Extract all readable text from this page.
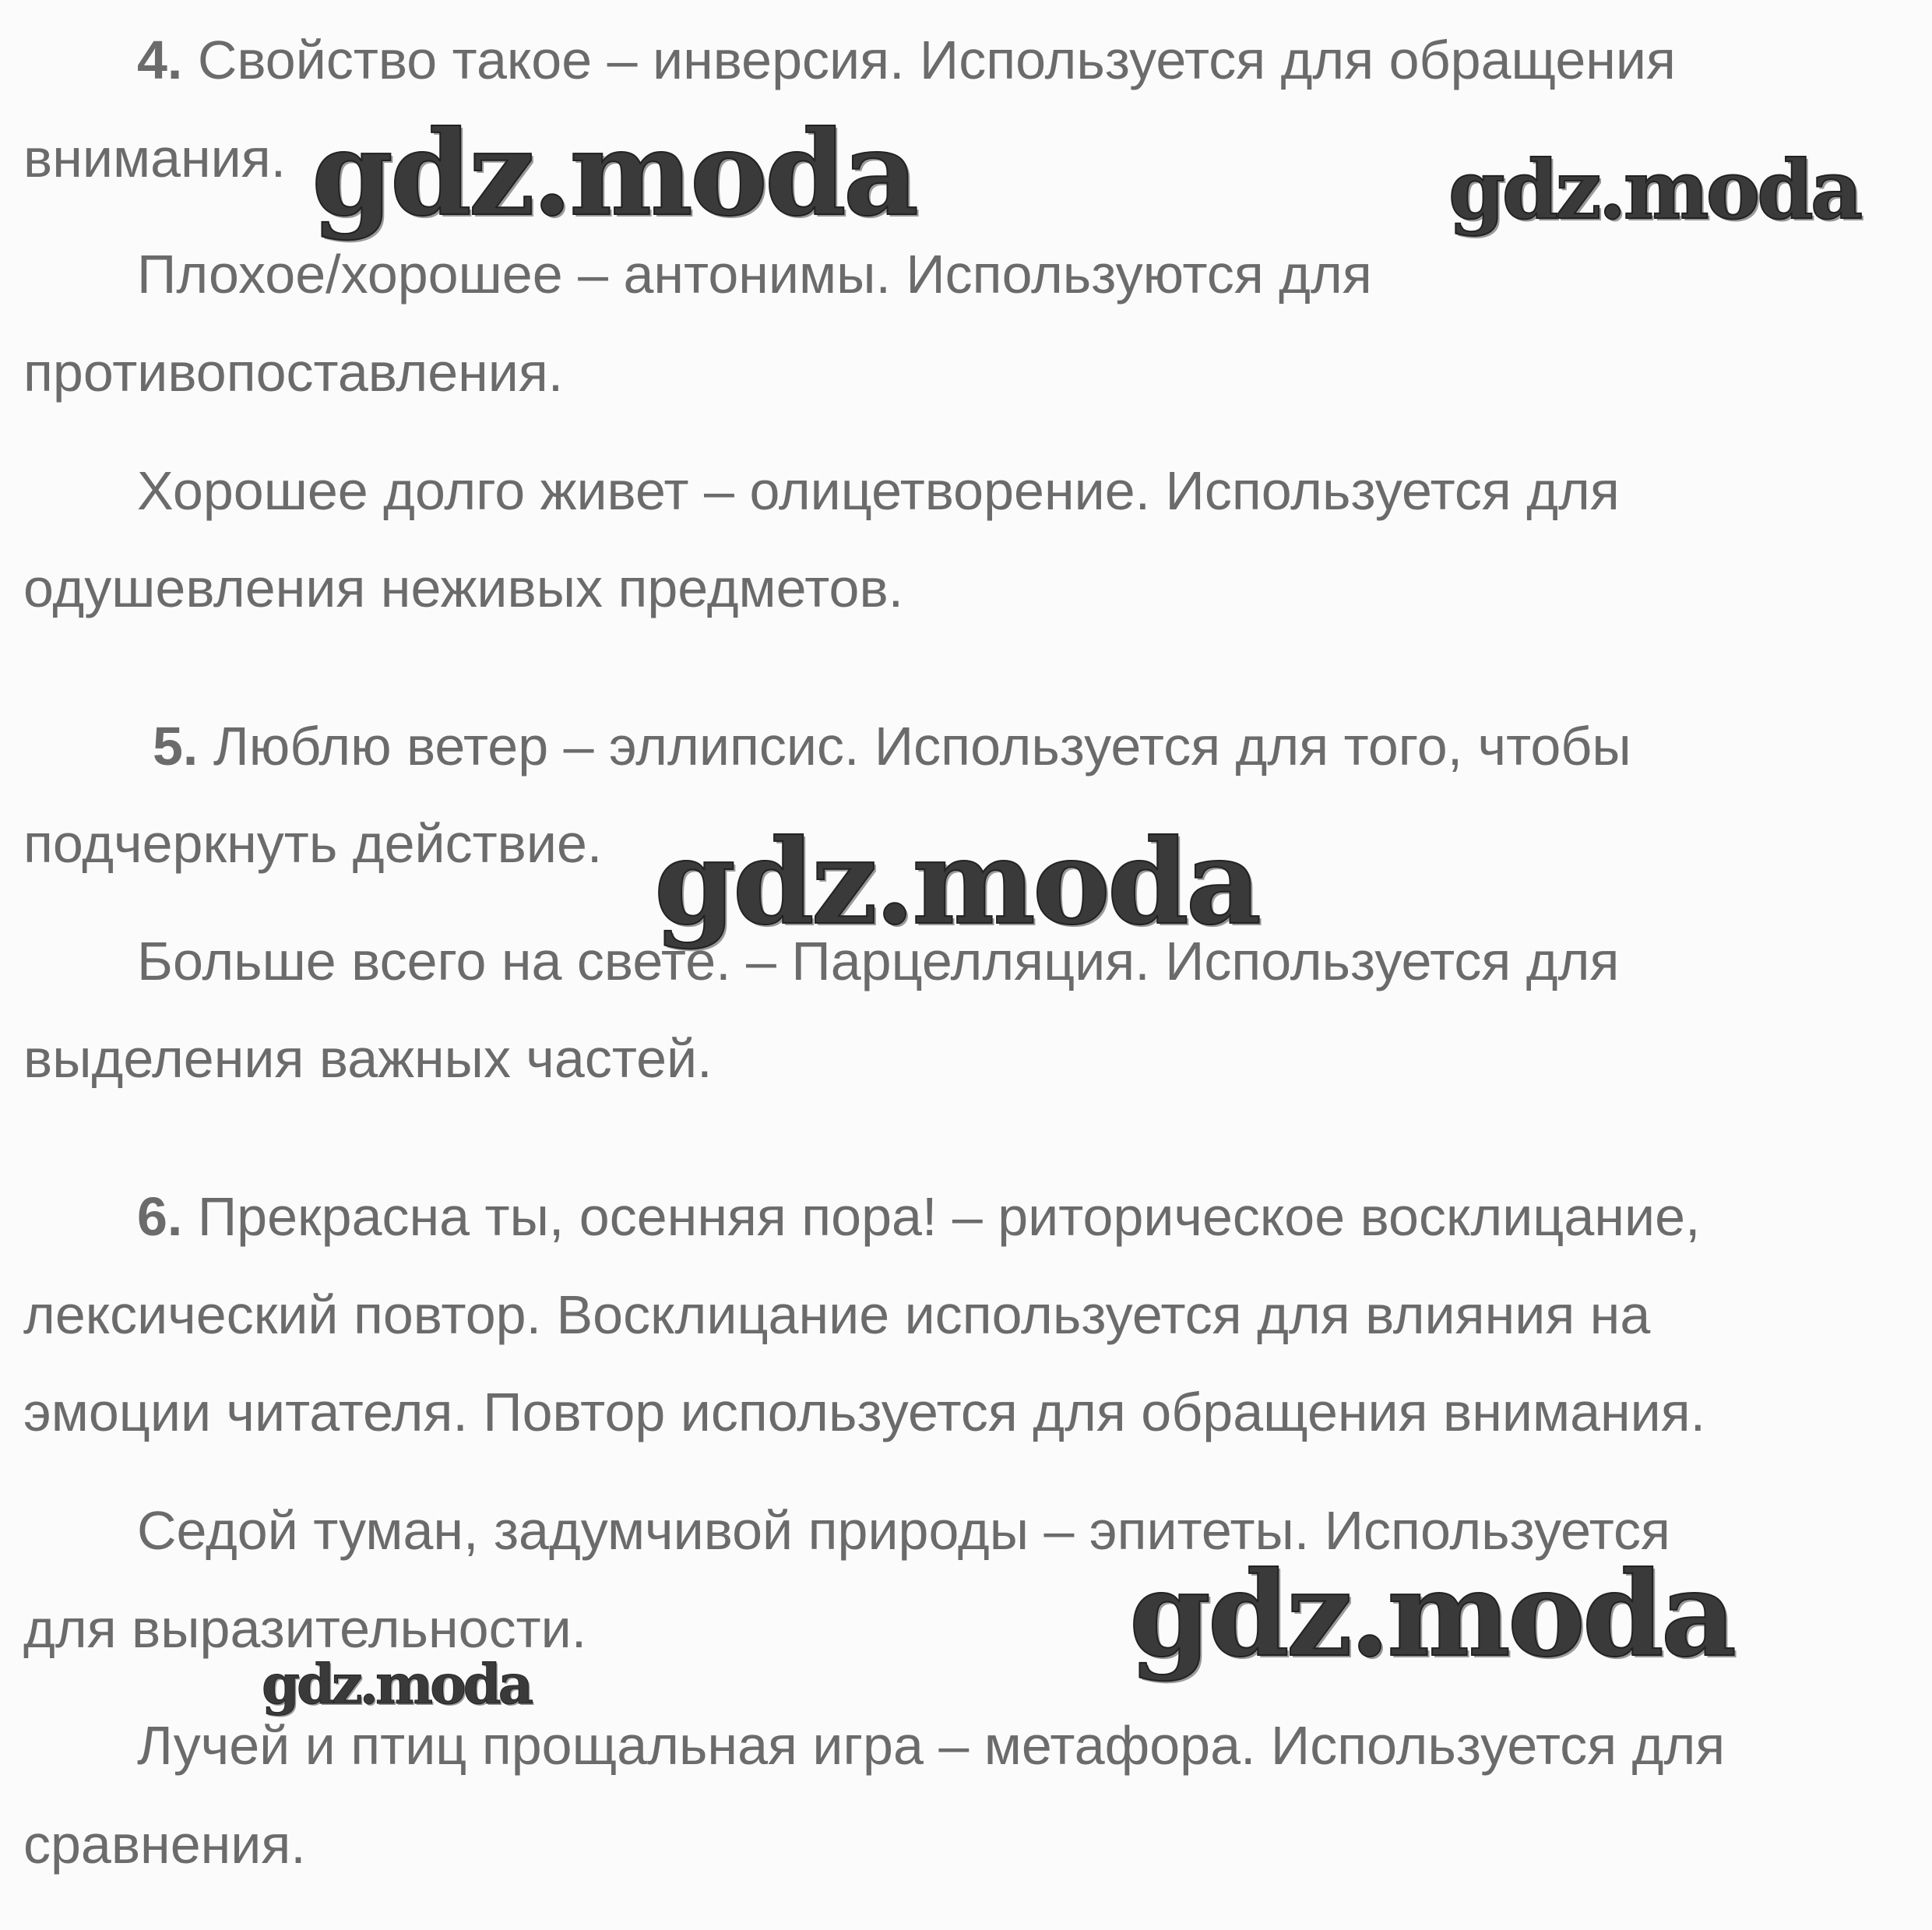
4. Свойство такое – инверсия. Используется для обращения
внимания.
Плохое/хорошее – антонимы. Используются для
противопоставления.
Хорошее долго живет – олицетворение. Используется для
одушевления неживых предметов.
5. Люблю ветер – эллипсис. Используется для того, чтобы
подчеркнуть действие.
Больше всего на свете. – Парцелляция. Используется для
выделения важных частей.
6. Прекрасна ты, осенняя пора! – риторическое восклицание,
лексический повтор. Восклицание используется для влияния на
эмоции читателя. Повтор используется для обращения внимания.
Седой туман, задумчивой природы – эпитеты. Используется
для выразительности.
Лучей и птиц прощальная игра – метафора. Используется для
сравнения.
gdz.moda	gdz.moda
gdz.moda
gdz.moda
gdz.moda
